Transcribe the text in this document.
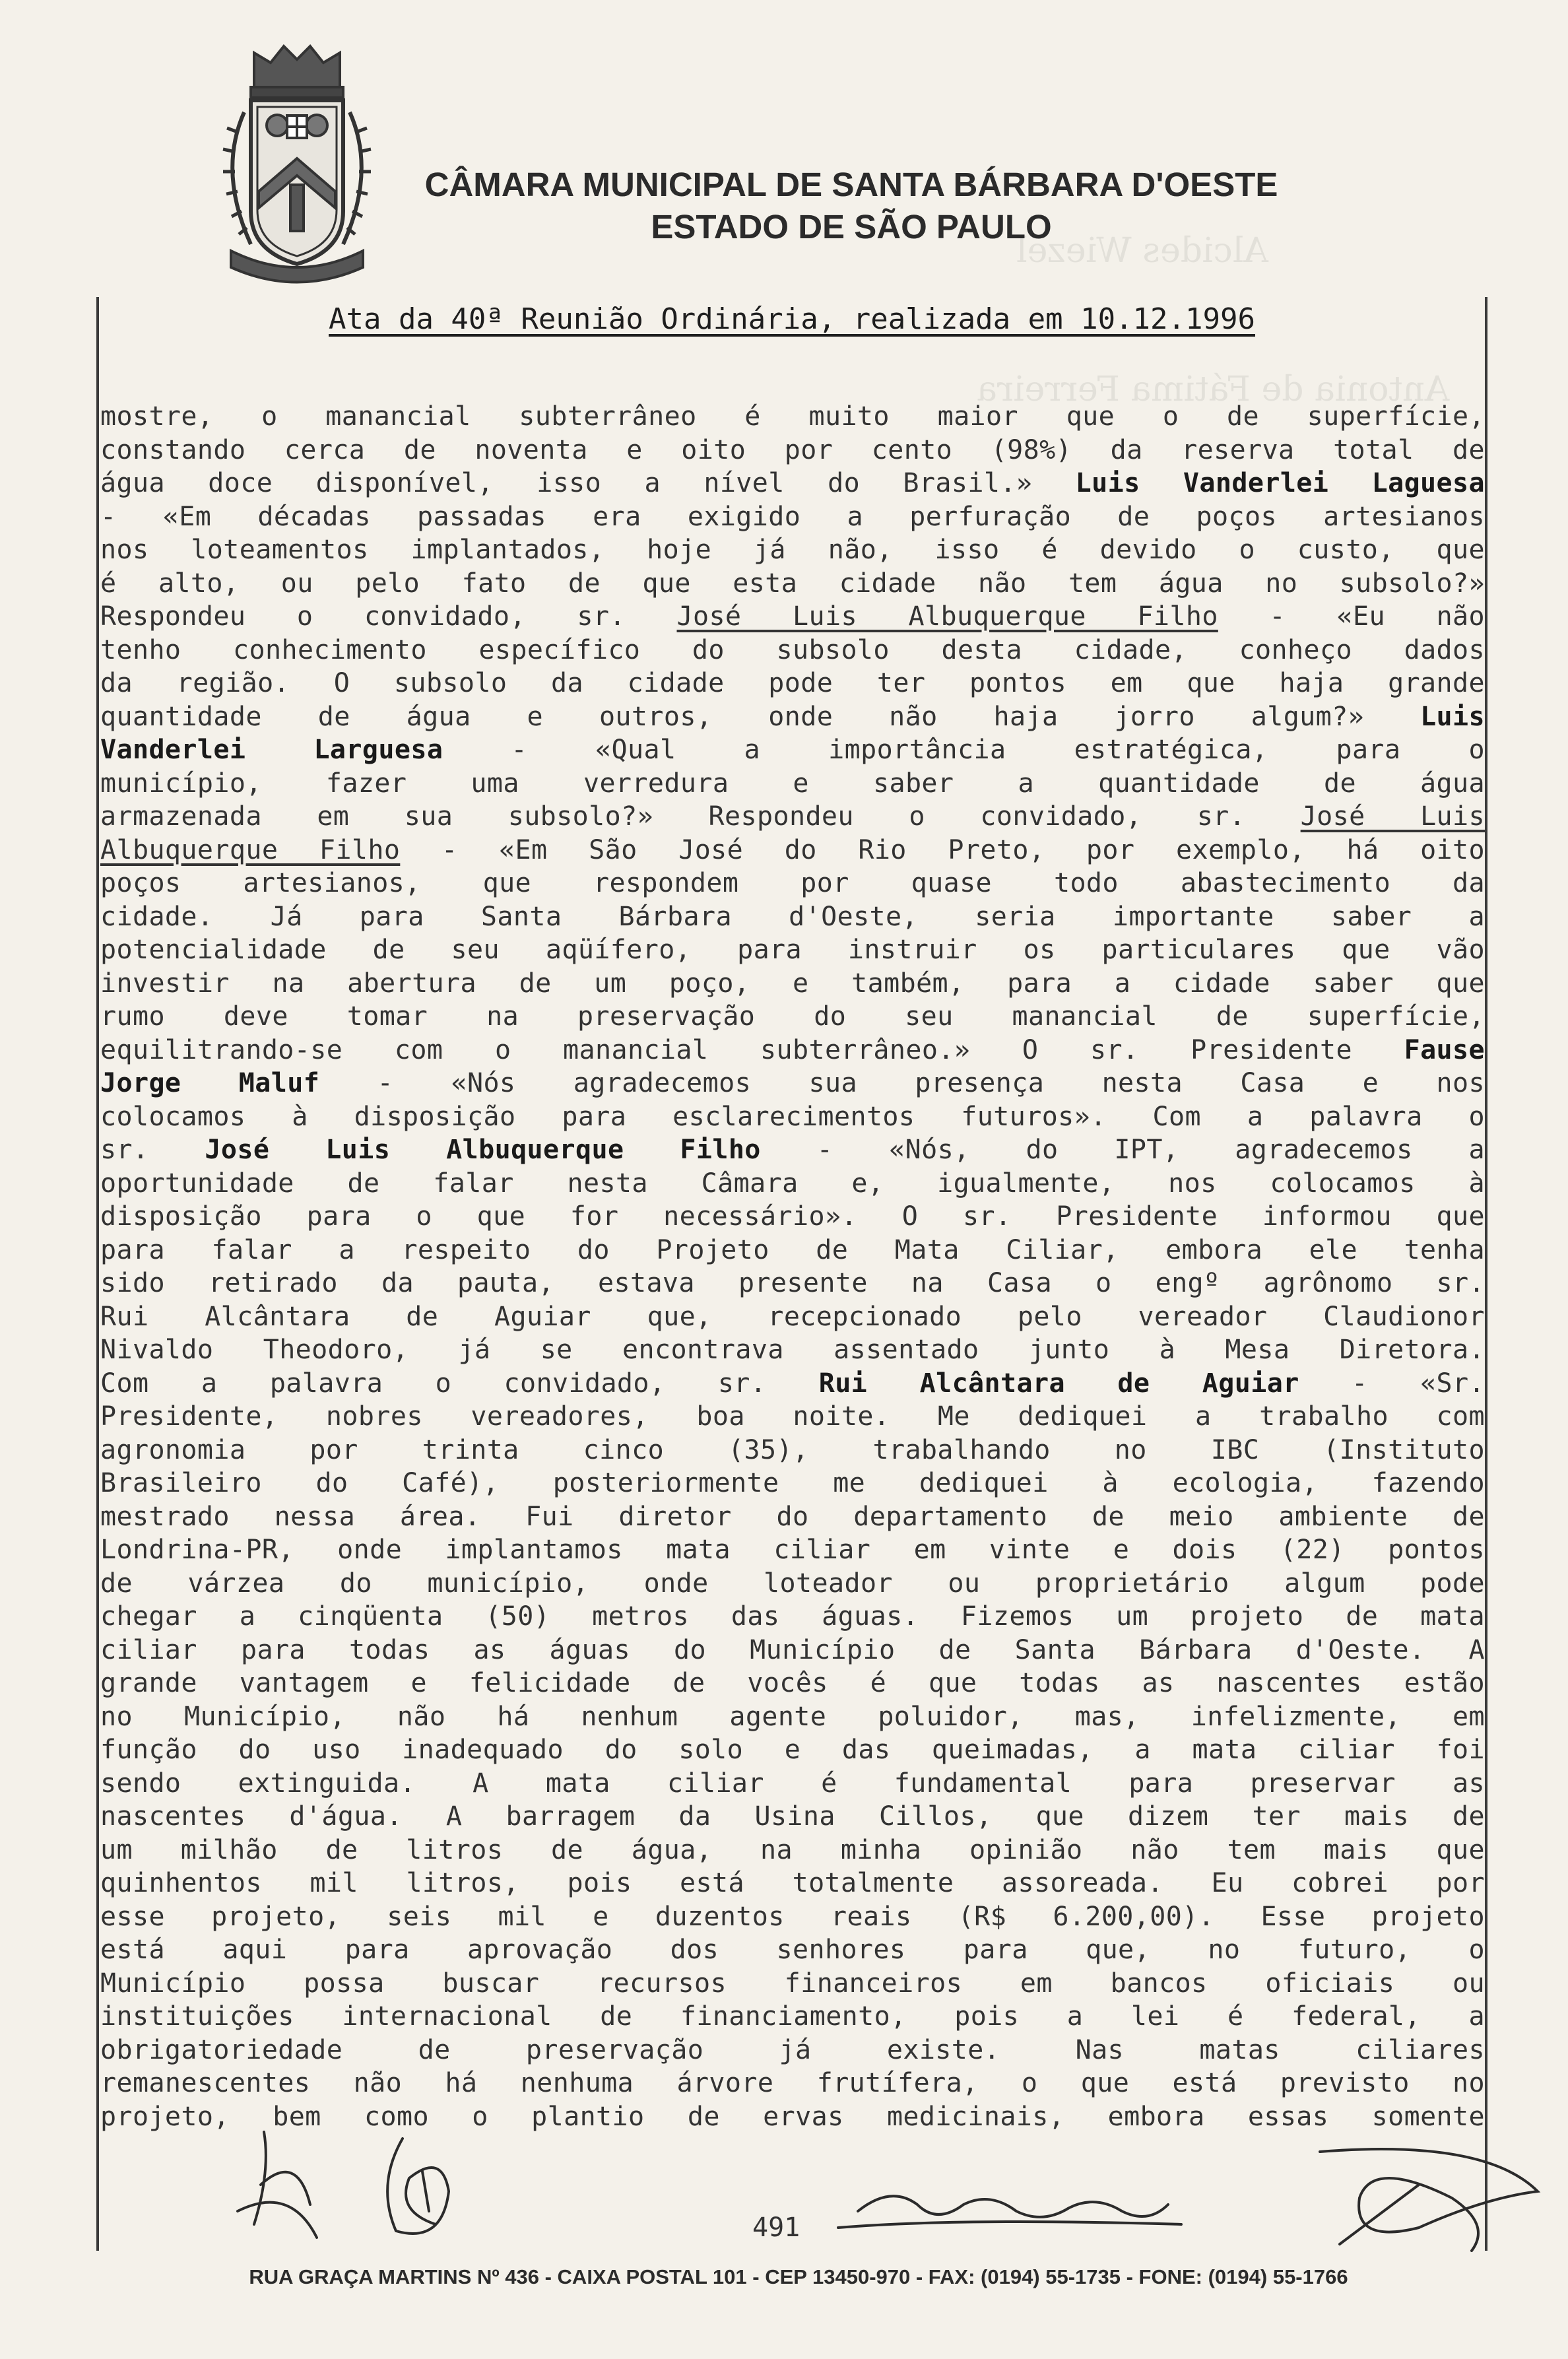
CÂMARA MUNICIPAL DE SANTA BÁRBARA D'OESTE
ESTADO DE SÃO PAULO
Alcides Wiezel
Antonia de Fátima Ferreira
Ata da 40ª Reunião Ordinária, realizada em 10.12.1996
mostre, o manancial subterrâneo é muito maior que o de superfície,
constando cerca de noventa e oito por cento (98%) da reserva total de
água doce disponível, isso a nível do Brasil.» Luis Vanderlei Laguesa
- «Em décadas passadas era exigido a perfuração de poços artesianos
nos loteamentos implantados, hoje já não, isso é devido o custo, que
é alto, ou pelo fato de que esta cidade não tem água no subsolo?»
Respondeu o convidado, sr. José Luis Albuquerque Filho - «Eu não
tenho conhecimento específico do subsolo desta cidade, conheço dados
da região. O subsolo da cidade pode ter pontos em que haja grande
quantidade de água e outros, onde não haja jorro algum?» Luis
Vanderlei Larguesa	- «Qual a importância estratégica, para o
município, fazer uma verredura e saber a quantidade de água
armazenada em sua subsolo?» Respondeu o convidado, sr. José Luis
Albuquerque Filho - «Em São José do Rio Preto, por exemplo, há oito
poços artesianos, que respondem por quase todo abastecimento da
cidade. Já para Santa Bárbara d'Oeste, seria importante saber a
potencialidade de seu aqüífero, para instruir os particulares que vão
investir na abertura de um poço, e também, para a cidade saber que
rumo deve tomar na preservação do seu manancial de superfície,
equilitrando-se com o manancial subterrâneo.» O sr. Presidente Fause
Jorge Maluf - «Nós agradecemos sua presença nesta Casa e nos
colocamos à disposição para esclarecimentos futuros». Com a palavra o
sr. José Luis Albuquerque Filho - «Nós, do IPT, agradecemos a
oportunidade de falar nesta Câmara e, igualmente, nos colocamos à
disposição para o que for necessário». O sr. Presidente informou que
para falar a respeito do Projeto de Mata Ciliar, embora ele tenha
sido retirado da pauta, estava presente na Casa o engº agrônomo sr.
Rui Alcântara de Aguiar que, recepcionado pelo vereador Claudionor
Nivaldo Theodoro, já se encontrava assentado junto à Mesa Diretora.
Com a palavra o convidado, sr. Rui Alcântara de Aguiar - «Sr.
Presidente, nobres vereadores, boa noite. Me dediquei a trabalho com
agronomia por trinta cinco (35), trabalhando no IBC (Instituto
Brasileiro do Café), posteriormente me dediquei à ecologia, fazendo
mestrado nessa área. Fui diretor do departamento de meio ambiente de
Londrina-PR, onde implantamos mata ciliar em vinte e dois (22) pontos
de várzea do município, onde loteador ou proprietário algum pode
chegar a cinqüenta (50) metros das águas. Fizemos um projeto de mata
ciliar para todas as águas do Município de Santa Bárbara d'Oeste. A
grande vantagem e felicidade de vocês é que todas as nascentes estão
no Município, não há nenhum agente poluidor, mas, infelizmente, em
função do uso inadequado do solo e das queimadas, a mata ciliar foi
sendo extinguida. A mata ciliar é fundamental para preservar as
nascentes d'água. A barragem da Usina Cillos, que dizem ter mais de
um milhão de litros de água, na minha opinião não tem mais que
quinhentos mil litros, pois está totalmente assoreada. Eu cobrei por
esse projeto, seis mil e duzentos reais (R$ 6.200,00). Esse projeto
está aqui para aprovação dos senhores para que, no futuro, o
Município possa buscar recursos financeiros em bancos oficiais ou
instituições internacional de financiamento, pois a lei é federal, a
obrigatoriedade de preservação já existe. Nas matas ciliares
remanescentes não há nenhuma árvore frutífera, o que está previsto no
projeto, bem como o plantio de ervas medicinais, embora essas somente
491
RUA GRAÇA MARTINS Nº 436 - CAIXA POSTAL 101 - CEP 13450-970 - FAX: (0194) 55-1735 - FONE: (0194) 55-1766
